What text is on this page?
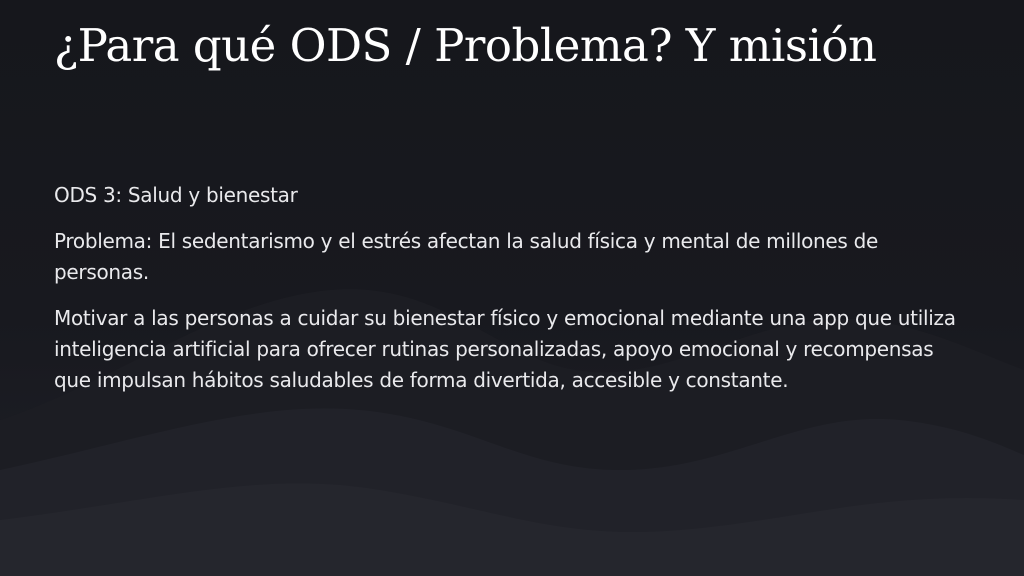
¿Para qué ODS / Problema? Y misión

ODS 3: Salud y bienestar

Problema: El sedentarismo y el estrés afectan la salud física y mental de millones de personas.

Motivar a las personas a cuidar su bienestar físico y emocional mediante una app que utiliza inteligencia artificial para ofrecer rutinas personalizadas, apoyo emocional y recompensas que impulsan hábitos saludables de forma divertida, accesible y constante.
